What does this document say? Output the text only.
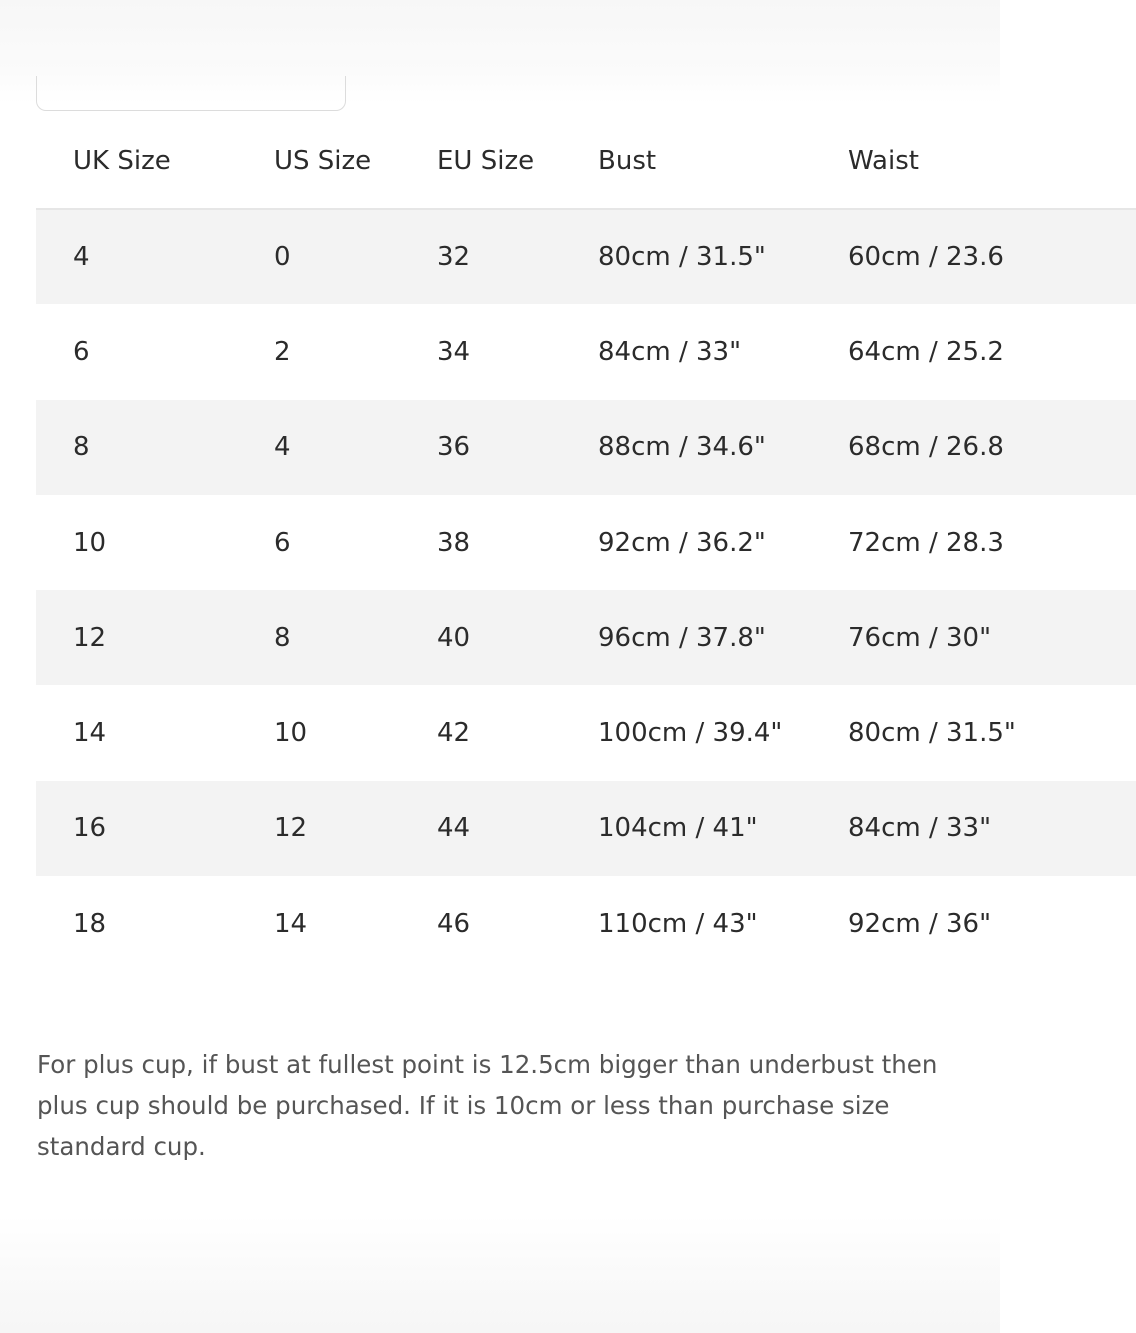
UK Size	US Size	EU Size	Bust	Waist
4	0	32	80cm / 31.5"	60cm / 23.6
6	2	34	84cm / 33"	64cm / 25.2
8	4	36	88cm / 34.6"	68cm / 26.8
10	6	38	92cm / 36.2"	72cm / 28.3
12	8	40	96cm / 37.8"	76cm / 30"
14	10	42	100cm / 39.4"	80cm / 31.5"
16	12	44	104cm / 41"	84cm / 33"
18	14	46	110cm / 43"	92cm / 36"

For plus cup, if bust at fullest point is 12.5cm bigger than underbust then plus cup should be purchased. If it is 10cm or less than purchase size standard cup.
